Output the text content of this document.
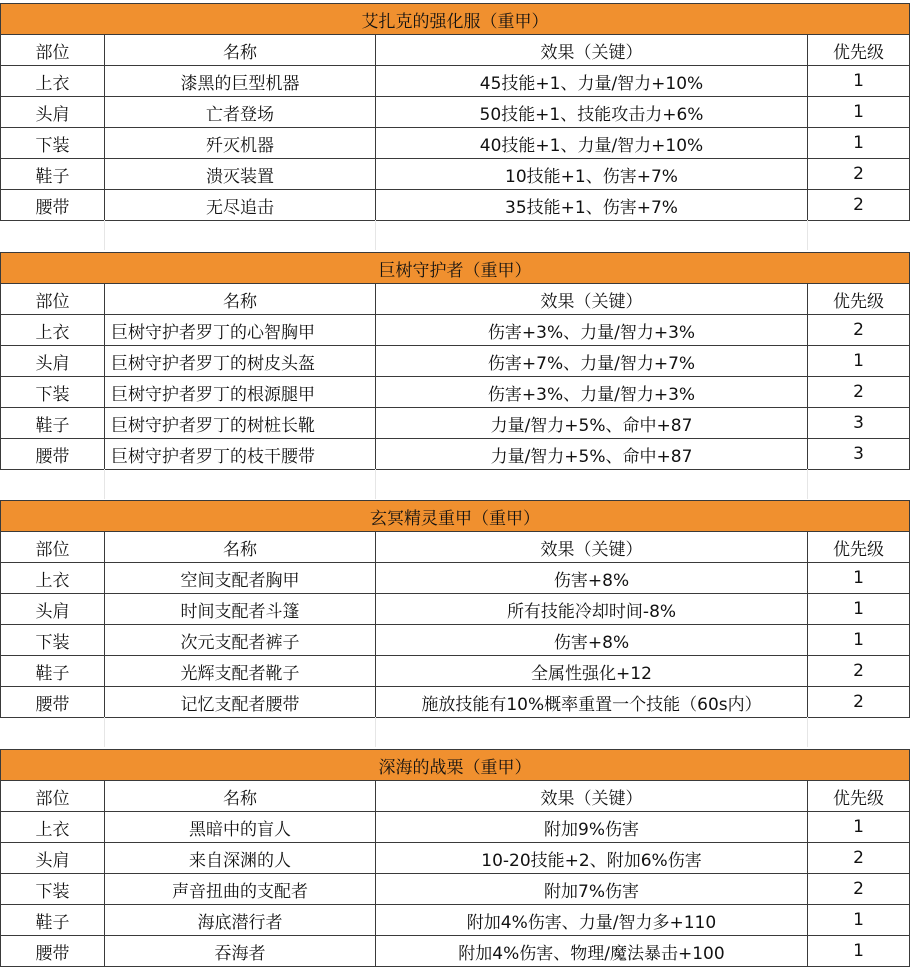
艾扎克的强化服（重甲）			
部位	名称	效果（关键）	优先级
上衣	漆黑的巨型机器	45技能+1、力量/智力+10%	1
头肩	亡者登场	50技能+1、技能攻击力+6%	1
下装	歼灭机器	40技能+1、力量/智力+10%	1
鞋子	溃灭装置	10技能+1、伤害+7%	2
腰带	无尽追击	35技能+1、伤害+7%	2
巨树守护者（重甲）			
部位	名称	效果（关键）	优先级
上衣	巨树守护者罗丁的心智胸甲	伤害+3%、力量/智力+3%	2
头肩	巨树守护者罗丁的树皮头盔	伤害+7%、力量/智力+7%	1
下装	巨树守护者罗丁的根源腿甲	伤害+3%、力量/智力+3%	2
鞋子	巨树守护者罗丁的树桩长靴	力量/智力+5%、命中+87	3
腰带	巨树守护者罗丁的枝干腰带	力量/智力+5%、命中+87	3
玄冥精灵重甲（重甲）			
部位	名称	效果（关键）	优先级
上衣	空间支配者胸甲	伤害+8%	1
头肩	时间支配者斗篷	所有技能冷却时间-8%	1
下装	次元支配者裤子	伤害+8%	1
鞋子	光辉支配者靴子	全属性强化+12	2
腰带	记忆支配者腰带	施放技能有10%概率重置一个技能（60s内）	2
深海的战栗（重甲）			
部位	名称	效果（关键）	优先级
上衣	黑暗中的盲人	附加9%伤害	1
头肩	来自深渊的人	10-20技能+2、附加6%伤害	2
下装	声音扭曲的支配者	附加7%伤害	2
鞋子	海底潜行者	附加4%伤害、力量/智力多+110	1
腰带	吞海者	附加4%伤害、物理/魔法暴击+100	1
